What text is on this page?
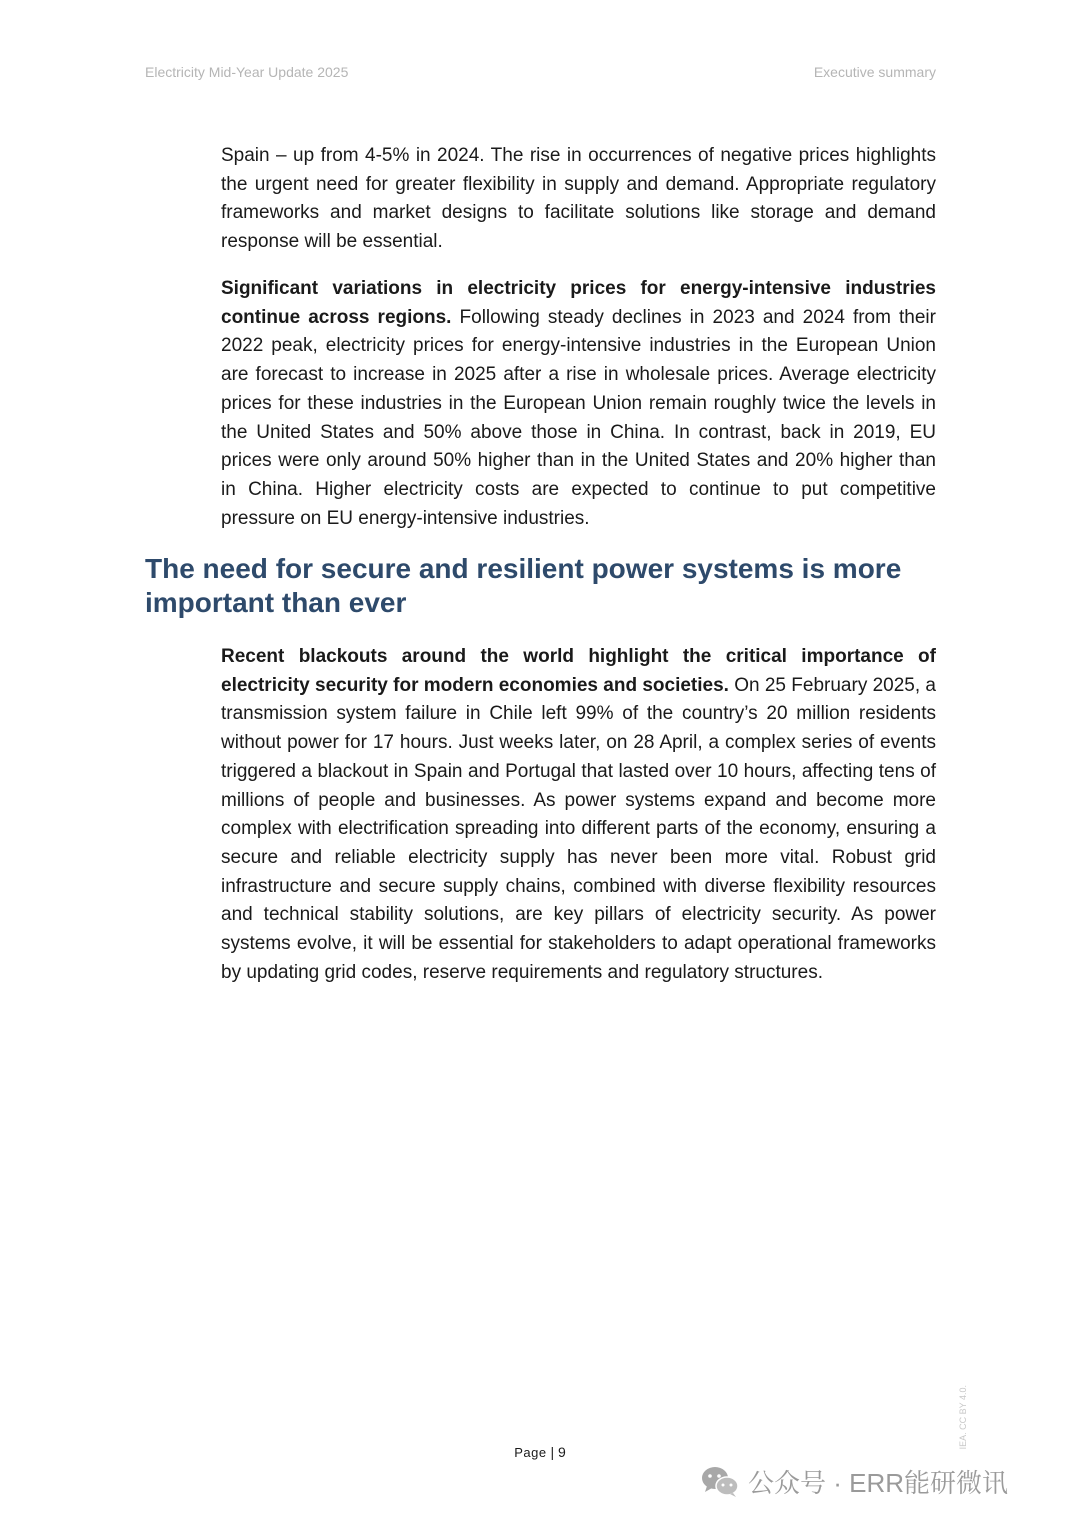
Electricity Mid-Year Update 2025	Executive summary

Spain – up from 4-5% in 2024. The rise in occurrences of negative prices highlights the urgent need for greater flexibility in supply and demand. Appropriate regulatory frameworks and market designs to facilitate solutions like storage and demand response will be essential.

Significant variations in electricity prices for energy-intensive industries continue across regions. Following steady declines in 2023 and 2024 from their 2022 peak, electricity prices for energy-intensive industries in the European Union are forecast to increase in 2025 after a rise in wholesale prices. Average electricity prices for these industries in the European Union remain roughly twice the levels in the United States and 50% above those in China. In contrast, back in 2019, EU prices were only around 50% higher than in the United States and 20% higher than in China. Higher electricity costs are expected to continue to put competitive pressure on EU energy-intensive industries.

The need for secure and resilient power systems is more important than ever

Recent blackouts around the world highlight the critical importance of electricity security for modern economies and societies. On 25 February 2025, a transmission system failure in Chile left 99% of the country’s 20 million residents without power for 17 hours. Just weeks later, on 28 April, a complex series of events triggered a blackout in Spain and Portugal that lasted over 10 hours, affecting tens of millions of people and businesses. As power systems expand and become more complex with electrification spreading into different parts of the economy, ensuring a secure and reliable electricity supply has never been more vital. Robust grid infrastructure and secure supply chains, combined with diverse flexibility resources and technical stability solutions, are key pillars of electricity security. As power systems evolve, it will be essential for stakeholders to adapt operational frameworks by updating grid codes, reserve requirements and regulatory structures.

IEA. CC BY 4.0.
Page | 9
公众号 · ERR能研微讯
